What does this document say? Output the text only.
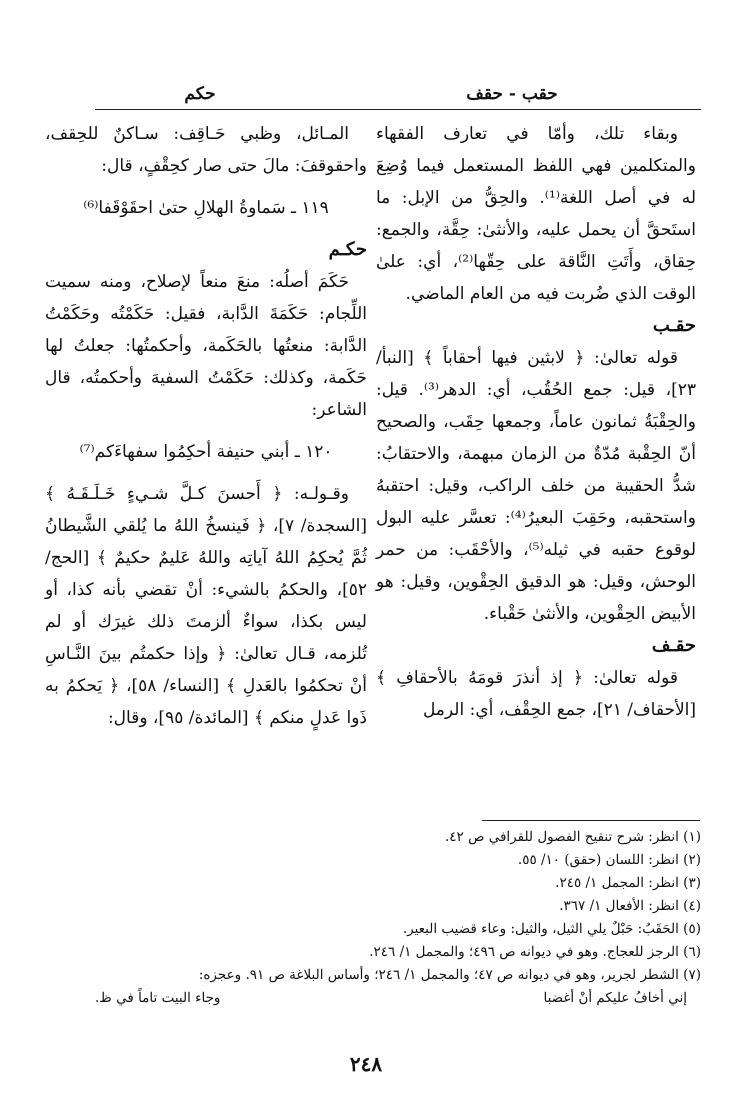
حقب - حقف
حكم

وبقاء تلك، وأمّا في تعارف الفقهاء والمتكلمين فهي اللفظ المستعمل فيما وُضِعَ له في أصل اللغة⁽¹⁾. والحِقُّ من الإبل: ما استَحقَّ أن يحمل عليه، والأنثىٰ: حِقَّة، والجمع: حِقاق، وأَتَتِ النَّاقة على حِقّها⁽²⁾، أي: علىٰ الوقت الذي ضُربت فيه من العام الماضي.

حقـب

قوله تعالىٰ: ﴿ لابثين فيها أحقاباً ﴾ [النبأ/ ٢٣]، قيل: جمع الحُقُب، أي: الدهر⁽³⁾. قيل: والحِقْبَةُ ثمانون عاماً، وجمعها حِقَب، والصحيح أنّ الحِقْبة مُدّةٌ من الزمان مبهمة، والاحتقابُ: شدُّ الحقيبة من خلف الراكب، وقيل: احتقبهُ واستحقبه، وحَقِبَ البعيرُ⁽⁴⁾: تعسَّر عليه البول لوقوع حقبه في ثيله⁽⁵⁾، والأحْقَب: من حمر الوحش، وقيل: هو الدقيق الحِقْوين، وقيل: هو الأبيض الحِقْوين، والأنثىٰ حَقْباء.

حقـف

قوله تعالىٰ: ﴿ إذ أنذرَ قومَهُ بالأحقافِ ﴾ [الأحقاف/ ٢١]، جمع الحِقْف، أي: الرمل

المـائل، وظبي حَـاقِف: سـاكنٌ للحِقف، واحقوقفَ: مالَ حتى صار كحِقْفٍ، قال:

١١٩ ـ سَماوةُ الهلالِ حتىٰ احقَوْقَفا⁽⁶⁾

حكـم

حَكَمَ أصلُه: منعَ منعاً لإصلاح، ومنه سميت اللِّجام: حَكَمَةَ الدَّابة، فقيل: حَكَمْتُه وحَكَمْتُ الدَّابة: منعتُها بالحَكَمة، وأحكمتُها: جعلتُ لها حَكَمة، وكذلك: حَكَمْتُ السفيهَ وأحكمتُه، قال الشاعر:

١٢٠ ـ أبني حنيفة أحكِمُوا سفهاءَكم⁽⁷⁾

وقـولـه: ﴿ أَحسنَ كـلَّ شـيءٍ خَـلَـقَـهُ ﴾ [السجدة/ ٧]، ﴿ فَينسخُ اللهُ ما يُلقي الشَّيطانُ ثُمَّ يُحكِمُ اللهُ آياتِه واللهُ عَليمٌ حكيمٌ ﴾ [الحج/ ٥٢]، والحكمُ بالشيء: أنْ تقضي بأنه كذا، أو ليس بكذا، سواءٌ ألزمتَ ذلك غيرَك أو لم تُلزمه، قـال تعالىٰ: ﴿ وإذا حكمتُم بينَ النَّـاسِ أنْ تحكمُوا بالعَدلِ ﴾ [النساء/ ٥٨]، ﴿ يَحكمُ به ذَوا عَدلٍ منكم ﴾ [المائدة/ ٩٥]، وقال:

(١) انظر: شرح تنقيح الفصول للقرافي ص ٤٢.

(٢) انظر: اللسان (حقق) ١٠/ ٥٥.

(٣) انظر: المجمل ١/ ٢٤٥.

(٤) انظر: الأفعال ١/ ٣٦٧.

(٥) الحَقَبُ: حَبْلٌ يلي الثيل، والثيل: وعاء قضيب البعير.

(٦) الرجز للعجاج. وهو في ديوانه ص ٤٩٦؛ والمجمل ١/ ٢٤٦.

(٧) الشطر لجرير، وهو في ديوانه ص ٤٧؛ والمجمل ١/ ٢٤٦؛ وأساس البلاغة ص ٩١. وعجزه:

إني أخافُ عليكم أنْ أغضبا
وجاء البيت تاماً في ظ.
٢٤٨
